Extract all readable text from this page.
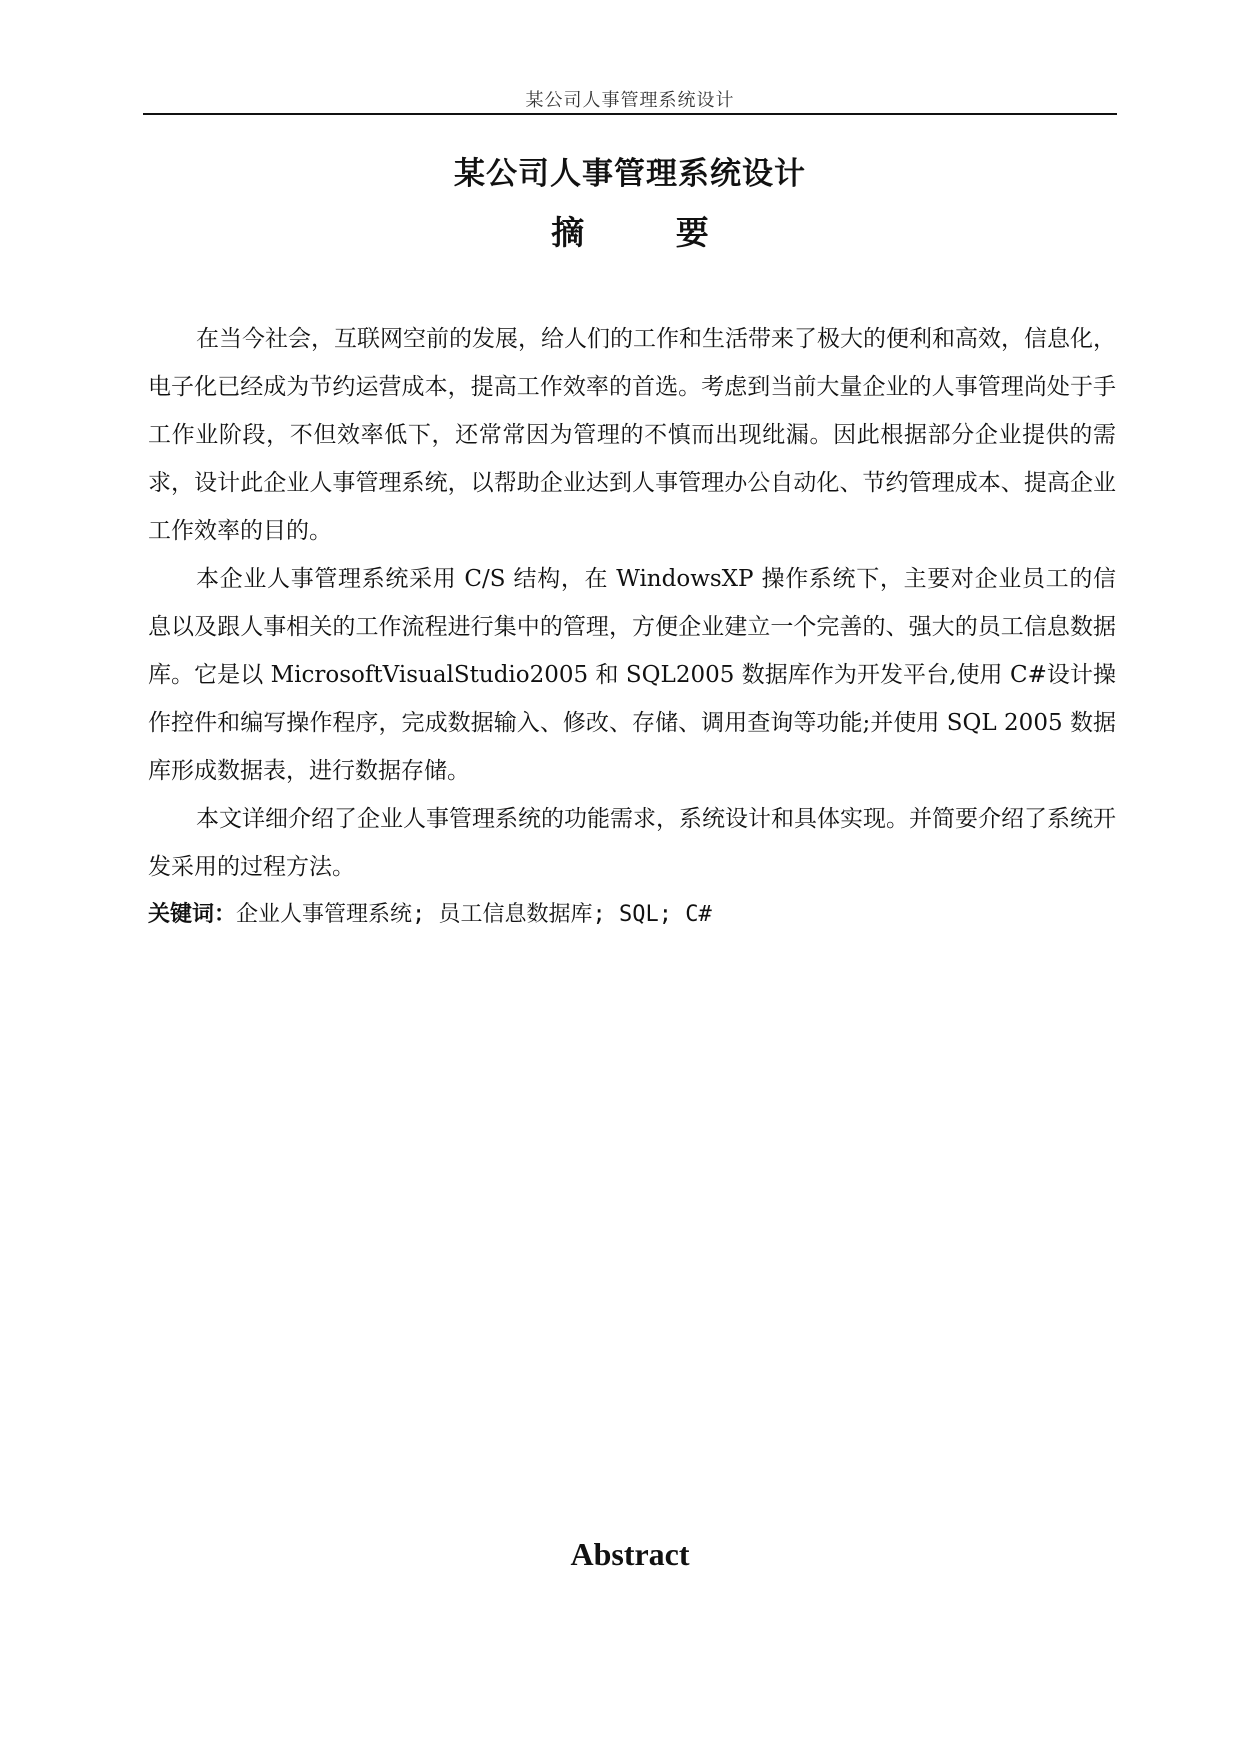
某公司人事管理系统设计
某公司人事管理系统设计
摘 要

在当今社会，互联网空前的发展，给人们的工作和生活带来了极大的便利和高效，信息化，电子化已经成为节约运营成本，提高工作效率的首选。考虑到当前大量企业的人事管理尚处于手工作业阶段，不但效率低下，还常常因为管理的不慎而出现纰漏。因此根据部分企业提供的需求，设计此企业人事管理系统，以帮助企业达到人事管理办公自动化、节约管理成本、提高企业工作效率的目的。

本企业人事管理系统采用 C/S 结构，在 WindowsXP 操作系统下，主要对企业员工的信息以及跟人事相关的工作流程进行集中的管理，方便企业建立一个完善的、强大的员工信息数据库。它是以 MicrosoftVisualStudio2005 和 SQL2005 数据库作为开发平台,使用 C#设计操作控件和编写操作程序，完成数据输入、修改、存储、调用查询等功能;并使用 SQL 2005 数据库形成数据表，进行数据存储。

本文详细介绍了企业人事管理系统的功能需求，系统设计和具体实现。并简要介绍了系统开发采用的过程方法。

关键词：企业人事管理系统; 员工信息数据库; SQL; C#

Abstract
